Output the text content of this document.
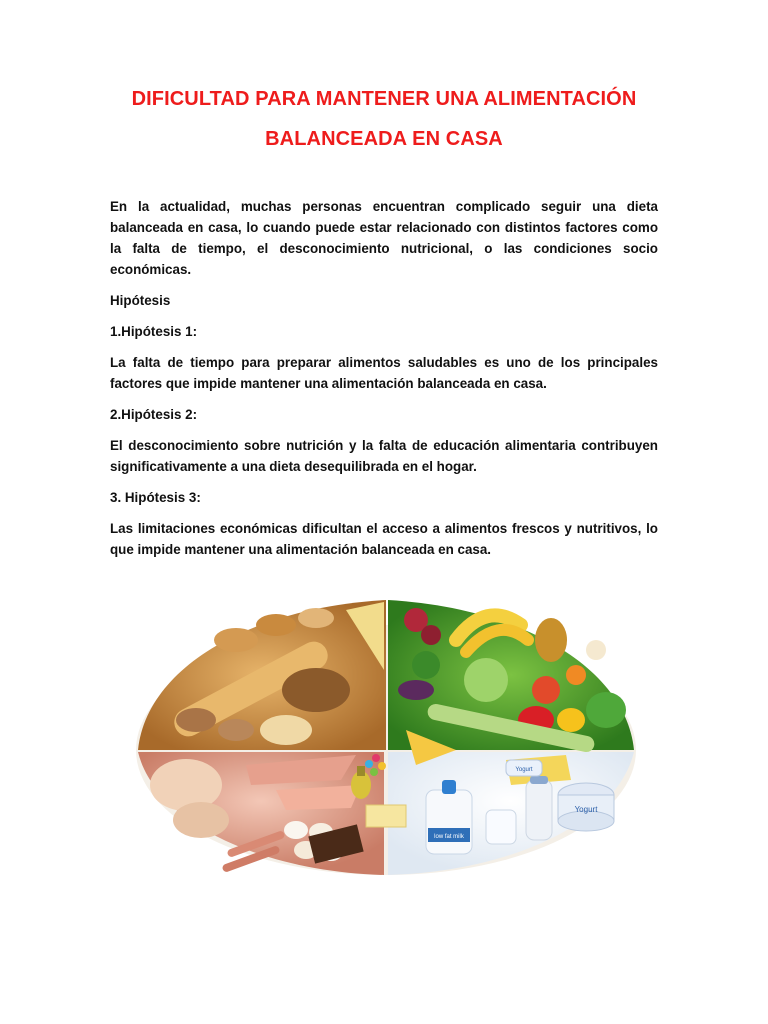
DIFICULTAD PARA MANTENER UNA ALIMENTACIÓN
BALANCEADA EN CASA

En la actualidad, muchas personas encuentran complicado seguir una dieta balanceada en casa, lo cuando puede estar relacionado con distintos factores como la falta de tiempo, el desconocimiento nutricional, o las condiciones socio económicas.

Hipótesis

1.Hipótesis 1:

La falta de tiempo para preparar alimentos saludables es uno de los principales factores que impide mantener una alimentación balanceada en casa.

2.Hipótesis 2:

El desconocimiento sobre nutrición y la falta de educación alimentaria contribuyen significativamente a una dieta desequilibrada en el hogar.

3. Hipótesis 3:

Las limitaciones económicas dificultan el acceso a alimentos frescos y nutritivos, lo que impide mantener una alimentación balanceada en casa.

low fat milk
Yogurt
Yogurt
